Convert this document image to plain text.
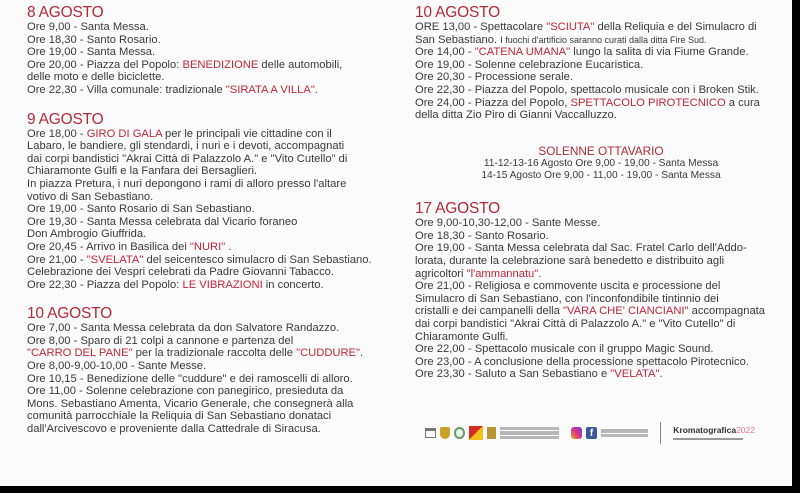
8 AGOSTO
Ore 9,00 - Santa Messa.
Ore 18,30 - Santo Rosario.
Ore 19,00 - Santa Messa.
Ore 20,00 - Piazza del Popolo: BENEDIZIONE delle automobili,
delle moto e delle biciclette.
Ore 22,30 - Villa comunale: tradizionale "SIRATA A VILLA".
9 AGOSTO
Ore 18,00 - GIRO DI GALA per le principali vie cittadine con il
Labaro, le bandiere, gli stendardi, i nuri e i devoti, accompagnati
dai corpi bandistici "Akrai Città di Palazzolo A." e "Vito Cutello" di
Chiaramonte Gulfi e la Fanfara dei Bersaglieri.
In piazza Pretura, i nuri depongono i rami di alloro presso l'altare
votivo di San Sebastiano.
Ore 19,00 - Santo Rosario di San Sebastiano.
Ore 19,30 - Santa Messa celebrata dal Vicario foraneo
Don Ambrogio Giuffrida.
Ore 20,45 - Arrivo in Basilica dei "NURI" .
Ore 21,00 - "SVELATA" del seicentesco simulacro di San Sebastiano.
Celebrazione dei Vespri celebrati da Padre Giovanni Tabacco.
Ore 22,30 - Piazza del Popolo: LE VIBRAZIONI in concerto.
10 AGOSTO
Ore 7,00 - Santa Messa celebrata da don Salvatore Randazzo.
Ore 8,00 - Sparo di 21 colpi a cannone e partenza del
"CARRO DEL PANE" per la tradizionale raccolta delle "CUDDURE".
Ore 8,00-9,00-10,00 - Sante Messe.
Ore 10,15 - Benedizione delle "cuddure" e dei ramoscelli di alloro.
Ore 11,00 - Solenne celebrazione con panegirico, presieduta da
Mons. Sebastiano Amenta, Vicario Generale, che consegnerà alla
comunità parrocchiale la Reliquia di San Sebastiano donataci
dall'Arcivescovo e proveniente dalla Cattedrale di Siracusa.
10 AGOSTO
ORE 13,00 - Spettacolare "SCIUTA" della Reliquia e del Simulacro di
San Sebastiano. I fuochi d'artificio saranno curati dalla ditta Fire Sud.
Ore 14,00 - "CATENA UMANA" lungo la salita di via Fiume Grande.
Ore 19,00 - Solenne celebrazione Eucaristica.
Ore 20,30 - Processione serale.
Ore 22,30 - Piazza del Popolo, spettacolo musicale con i Broken Stik.
Ore 24,00 - Piazza del Popolo, SPETTACOLO PIROTECNICO a cura
della ditta Zio Piro di Gianni Vaccalluzzo.
SOLENNE OTTAVARIO
11-12-13-16 Agosto Ore 9,00 - 19,00 - Santa Messa
14-15 Agosto Ore 9,00 - 11,00 - 19,00 - Santa Messa
17 AGOSTO
Ore 9,00-10,30-12,00 - Sante Messe.
Ore 18,30 - Santo Rosario.
Ore 19,00 - Santa Messa celebrata dal Sac. Fratel Carlo dell'Addo-
lorata, durante la celebrazione sarà benedetto e distribuito agli
agricoltori "l'ammannatu".
Ore 21,00 - Religiosa e commovente uscita e processione del
Simulacro di San Sebastiano, con l'inconfondibile tintinnio dei
cristalli e dei campanelli della "VARA CHE' CIANCIANI" accompagnata
dai corpi bandistici "Akrai Città di Palazzolo A." e "Vito Cutello" di
Chiaramonte Gulfi.
Ore 22,00 - Spettacolo musicale con il gruppo Magic Sound.
Ore 23,00 - A conclusione della processione spettacolo Pirotecnico.
Ore 23,30 - Saluto a San Sebastiano e "VELATA".
f	Kromatografica2022
